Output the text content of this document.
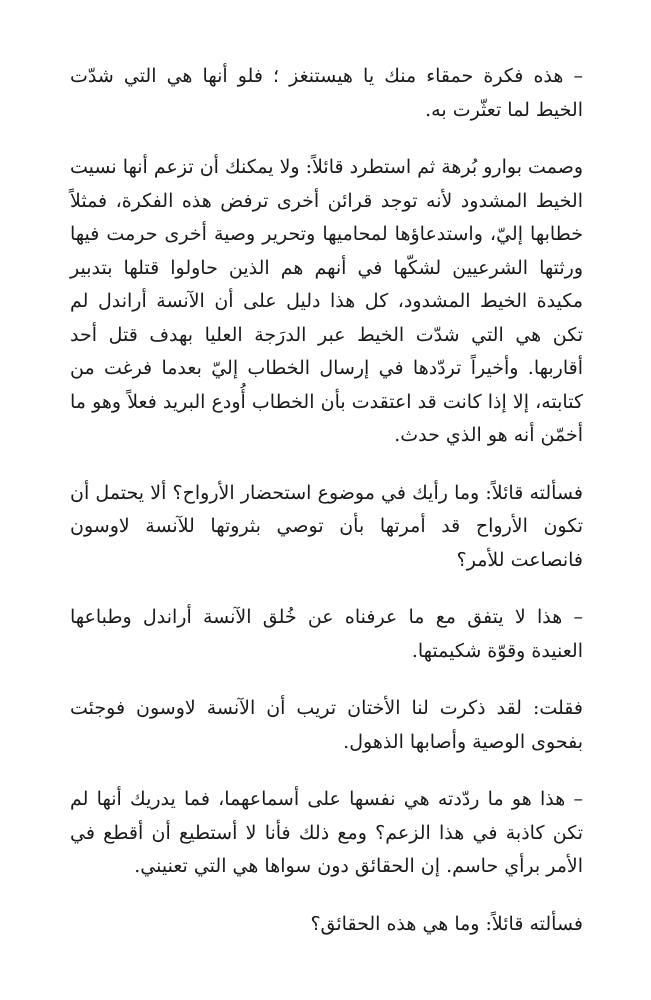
– هذه فكرة حمقاء منك يا هيستنغز ؛ فلو أنها هي التي شدّت الخيط لما تعثّرت به.

وصمت بوارو بُرهة ثم استطرد قائلاً: ولا يمكنك أن تزعم أنها نسيت الخيط المشدود لأنه توجد قرائن أخرى ترفض هذه الفكرة، فمثلاً خطابها إليّ، واستدعاؤها لمحاميها وتحرير وصية أخرى حرمت فيها ورثتها الشرعيين لشكّها في أنهم هم الذين حاولوا قتلها بتدبير مكيدة الخيط المشدود، كل هذا دليل على أن الآنسة أراندل لم تكن هي التي شدّت الخيط عبر الدرَجة العليا بهدف قتل أحد أقاربها. وأخيراً تردّدها في إرسال الخطاب إليّ بعدما فرغت من كتابته، إلا إذا كانت قد اعتقدت بأن الخطاب أُودع البريد فعلاً وهو ما أخمّن أنه هو الذي حدث.

فسألته قائلاً: وما رأيك في موضوع استحضار الأرواح؟ ألا يحتمل أن تكون الأرواح قد أمرتها بأن توصي بثروتها للآنسة لاوسون فانصاعت للأمر؟

– هذا لا يتفق مع ما عرفناه عن خُلق الآنسة أراندل وطباعها العنيدة وقوّة شكيمتها.

فقلت: لقد ذكرت لنا الأختان تريب أن الآنسة لاوسون فوجئت بفحوى الوصية وأصابها الذهول.

– هذا هو ما ردّدته هي نفسها على أسماعهما، فما يدريك أنها لم تكن كاذبة في هذا الزعم؟ ومع ذلك فأنا لا أستطيع أن أقطع في الأمر برأي حاسم. إن الحقائق دون سواها هي التي تعنيني.

فسألته قائلاً: وما هي هذه الحقائق؟
